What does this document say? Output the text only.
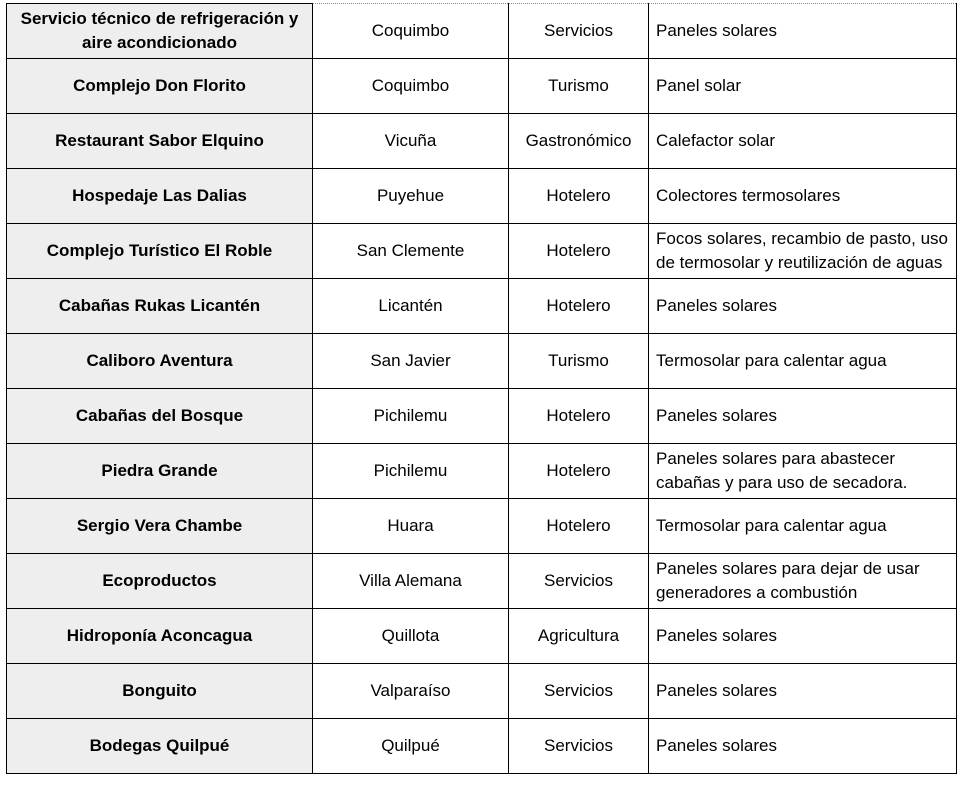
Servicio técnico de refrigeración y aire acondicionado	Coquimbo	Servicios	Paneles solares
Complejo Don Florito	Coquimbo	Turismo	Panel solar
Restaurant Sabor Elquino	Vicuña	Gastronómico	Calefactor solar
Hospedaje Las Dalias	Puyehue	Hotelero	Colectores termosolares
Complejo Turístico El Roble	San Clemente	Hotelero	Focos solares, recambio de pasto, uso de termosolar y reutilización de aguas
Cabañas Rukas Licantén	Licantén	Hotelero	Paneles solares
Caliboro Aventura	San Javier	Turismo	Termosolar para calentar agua
Cabañas del Bosque	Pichilemu	Hotelero	Paneles solares
Piedra Grande	Pichilemu	Hotelero	Paneles solares para abastecer cabañas y para uso de secadora.
Sergio Vera Chambe	Huara	Hotelero	Termosolar para calentar agua
Ecoproductos	Villa Alemana	Servicios	Paneles solares para dejar de usar generadores a combustión
Hidroponía Aconcagua	Quillota	Agricultura	Paneles solares
Bonguito	Valparaíso	Servicios	Paneles solares
Bodegas Quilpué	Quilpué	Servicios	Paneles solares
